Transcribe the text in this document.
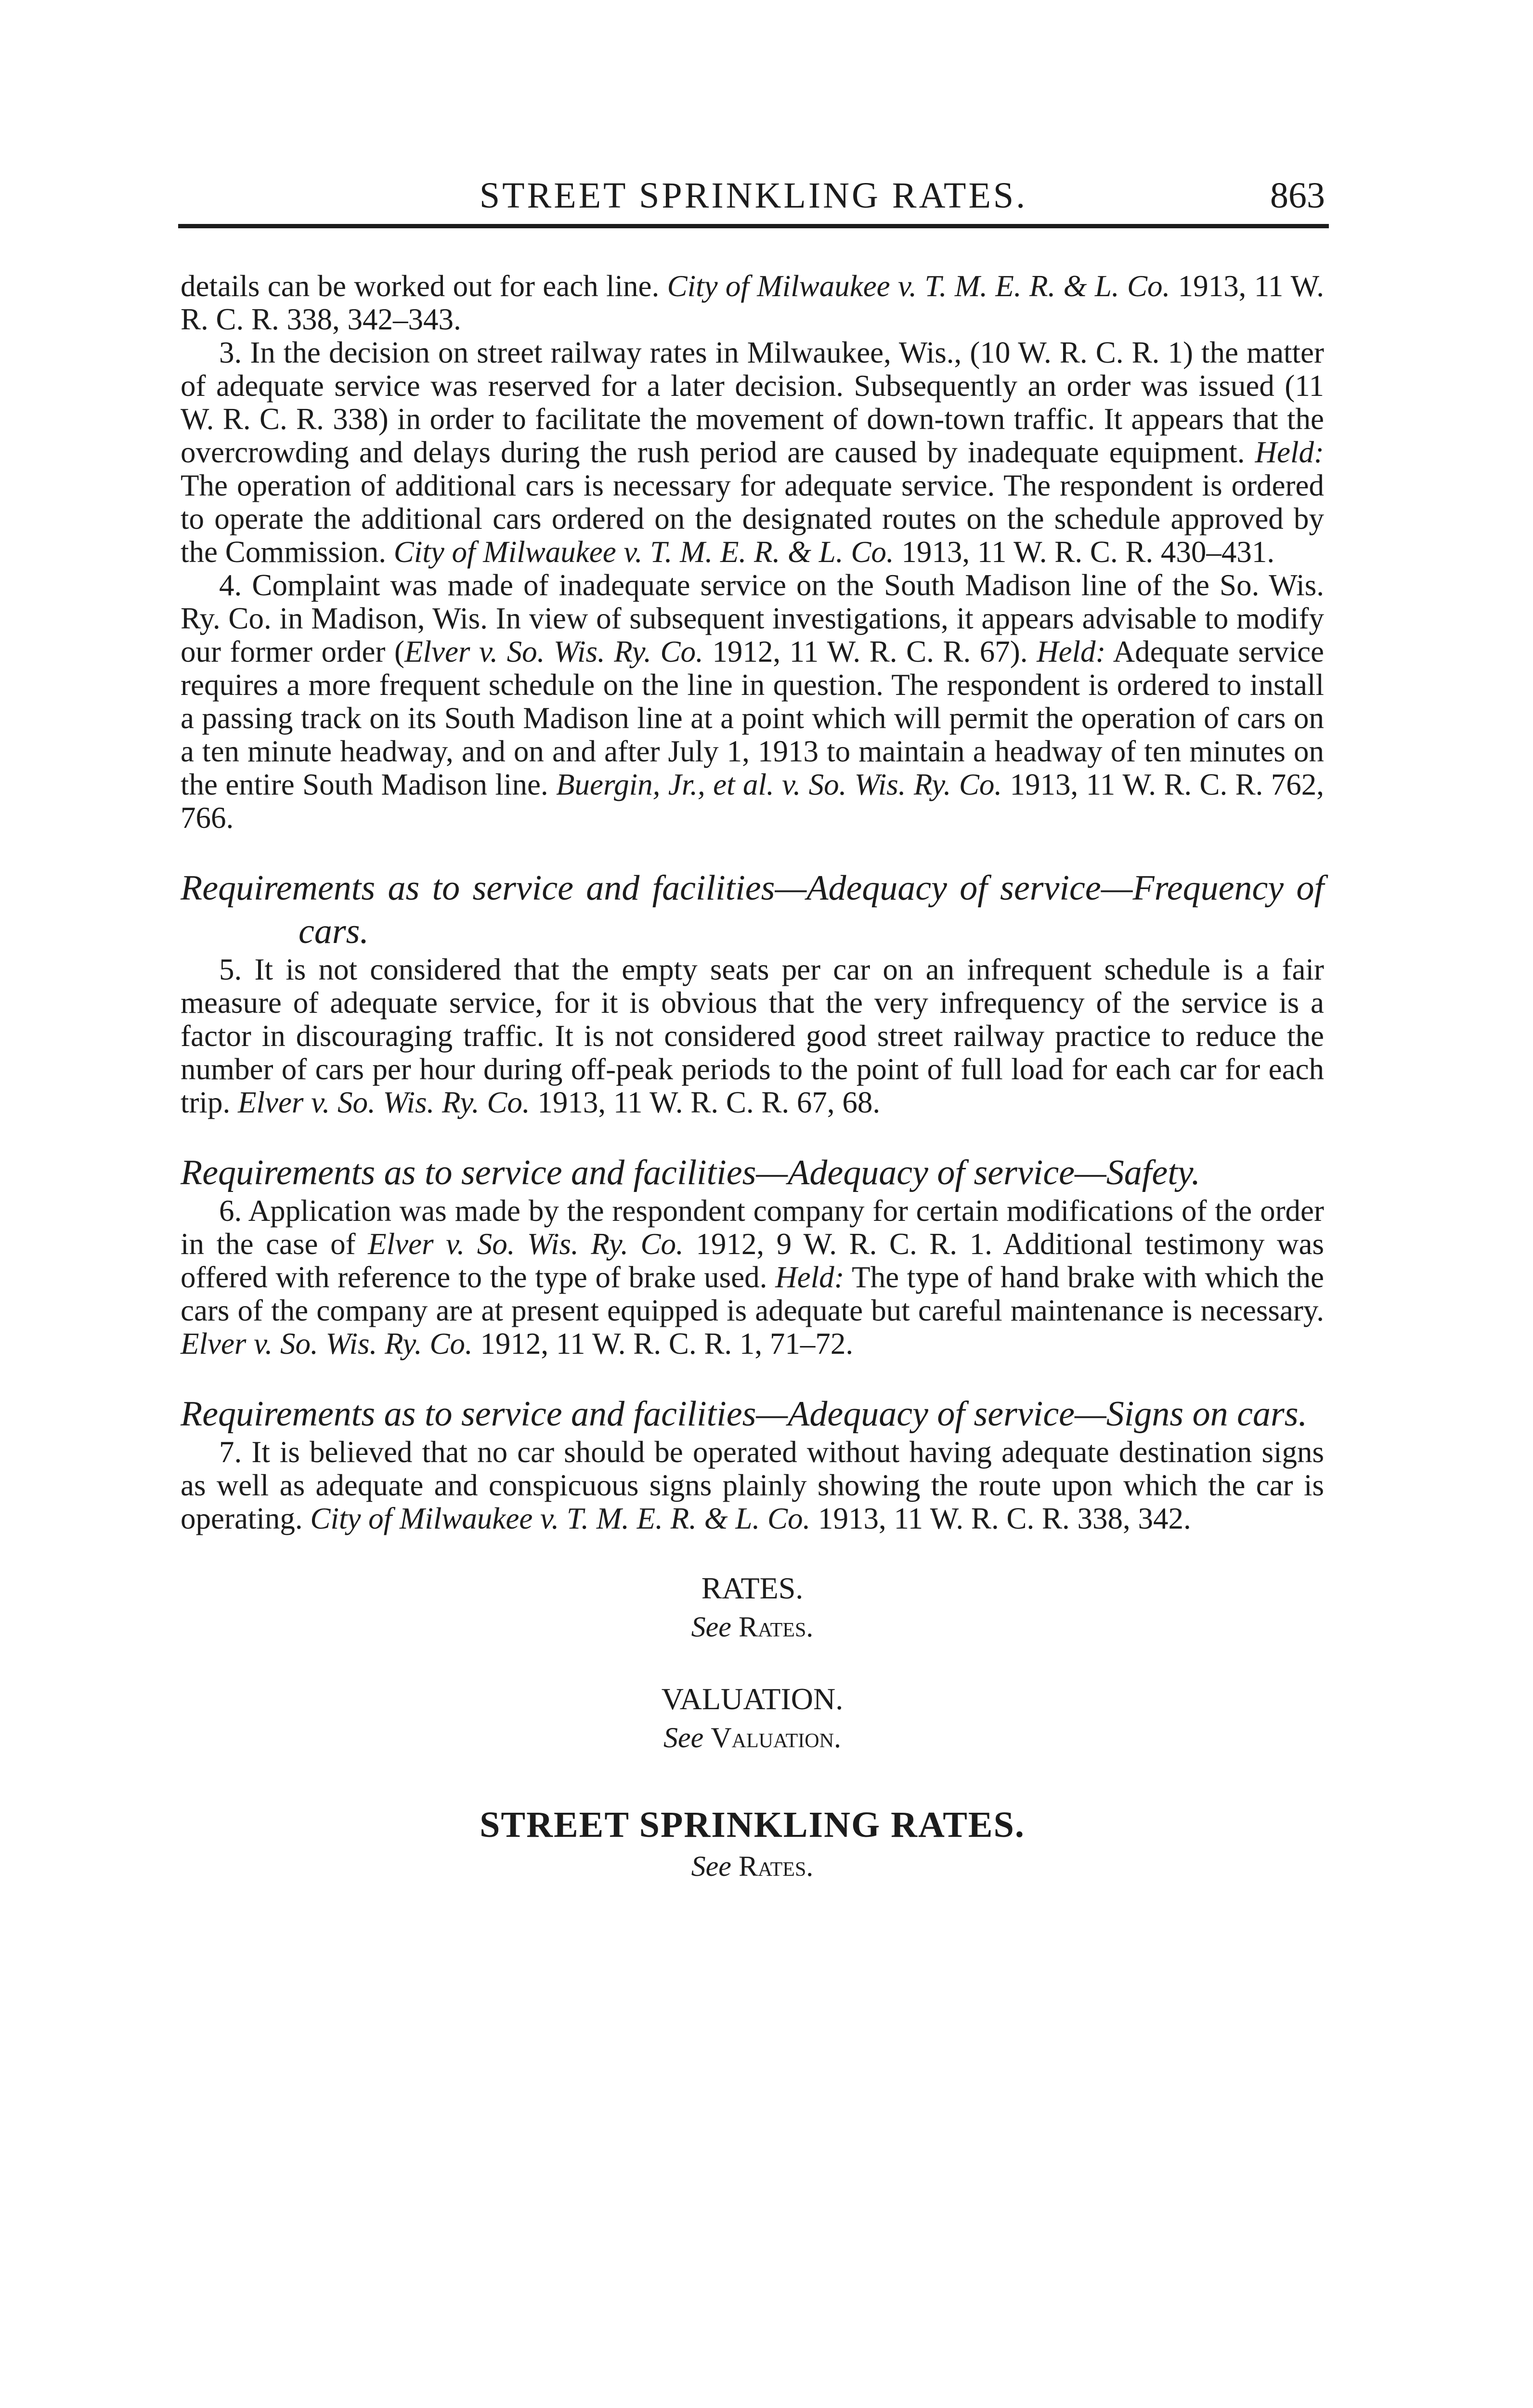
STREET SPRINKLING RATES.	863

details can be worked out for each line. City of Milwaukee v. T. M. E. R. & L. Co. 1913, 11 W. R. C. R. 338, 342–343.

3. In the decision on street railway rates in Milwaukee, Wis., (10 W. R. C. R. 1) the matter of adequate service was reserved for a later decision. Subsequently an order was issued (11 W. R. C. R. 338) in order to facilitate the movement of down-town traffic. It appears that the overcrowding and delays during the rush period are caused by inadequate equipment. Held: The operation of additional cars is necessary for adequate service. The respondent is ordered to operate the additional cars ordered on the designated routes on the schedule approved by the Commission. City of Milwaukee v. T. M. E. R. & L. Co. 1913, 11 W. R. C. R. 430–431.

4. Complaint was made of inadequate service on the South Madison line of the So. Wis. Ry. Co. in Madison, Wis. In view of subsequent investigations, it appears advisable to modify our former order (Elver v. So. Wis. Ry. Co. 1912, 11 W. R. C. R. 67). Held: Adequate service requires a more frequent schedule on the line in question. The respondent is ordered to install a passing track on its South Madison line at a point which will permit the operation of cars on a ten minute headway, and on and after July 1, 1913 to maintain a headway of ten minutes on the entire South Madison line. Buergin, Jr., et al. v. So. Wis. Ry. Co. 1913, 11 W. R. C. R. 762, 766.

Requirements as to service and facilities—Adequacy of service—Frequency of cars.

5. It is not considered that the empty seats per car on an infrequent schedule is a fair measure of adequate service, for it is obvious that the very infrequency of the service is a factor in discouraging traffic. It is not considered good street railway practice to reduce the number of cars per hour during off-peak periods to the point of full load for each car for each trip. Elver v. So. Wis. Ry. Co. 1913, 11 W. R. C. R. 67, 68.

Requirements as to service and facilities—Adequacy of service—Safety.

6. Application was made by the respondent company for certain modifications of the order in the case of Elver v. So. Wis. Ry. Co. 1912, 9 W. R. C. R. 1. Additional testimony was offered with reference to the type of brake used. Held: The type of hand brake with which the cars of the company are at present equipped is adequate but careful maintenance is necessary. Elver v. So. Wis. Ry. Co. 1912, 11 W. R. C. R. 1, 71–72.

Requirements as to service and facilities—Adequacy of service—Signs on cars.

7. It is believed that no car should be operated without having adequate destination signs as well as adequate and conspicuous signs plainly showing the route upon which the car is operating. City of Milwaukee v. T. M. E. R. & L. Co. 1913, 11 W. R. C. R. 338, 342.

RATES.
See Rates.
VALUATION.
See Valuation.
STREET SPRINKLING RATES.
See Rates.
